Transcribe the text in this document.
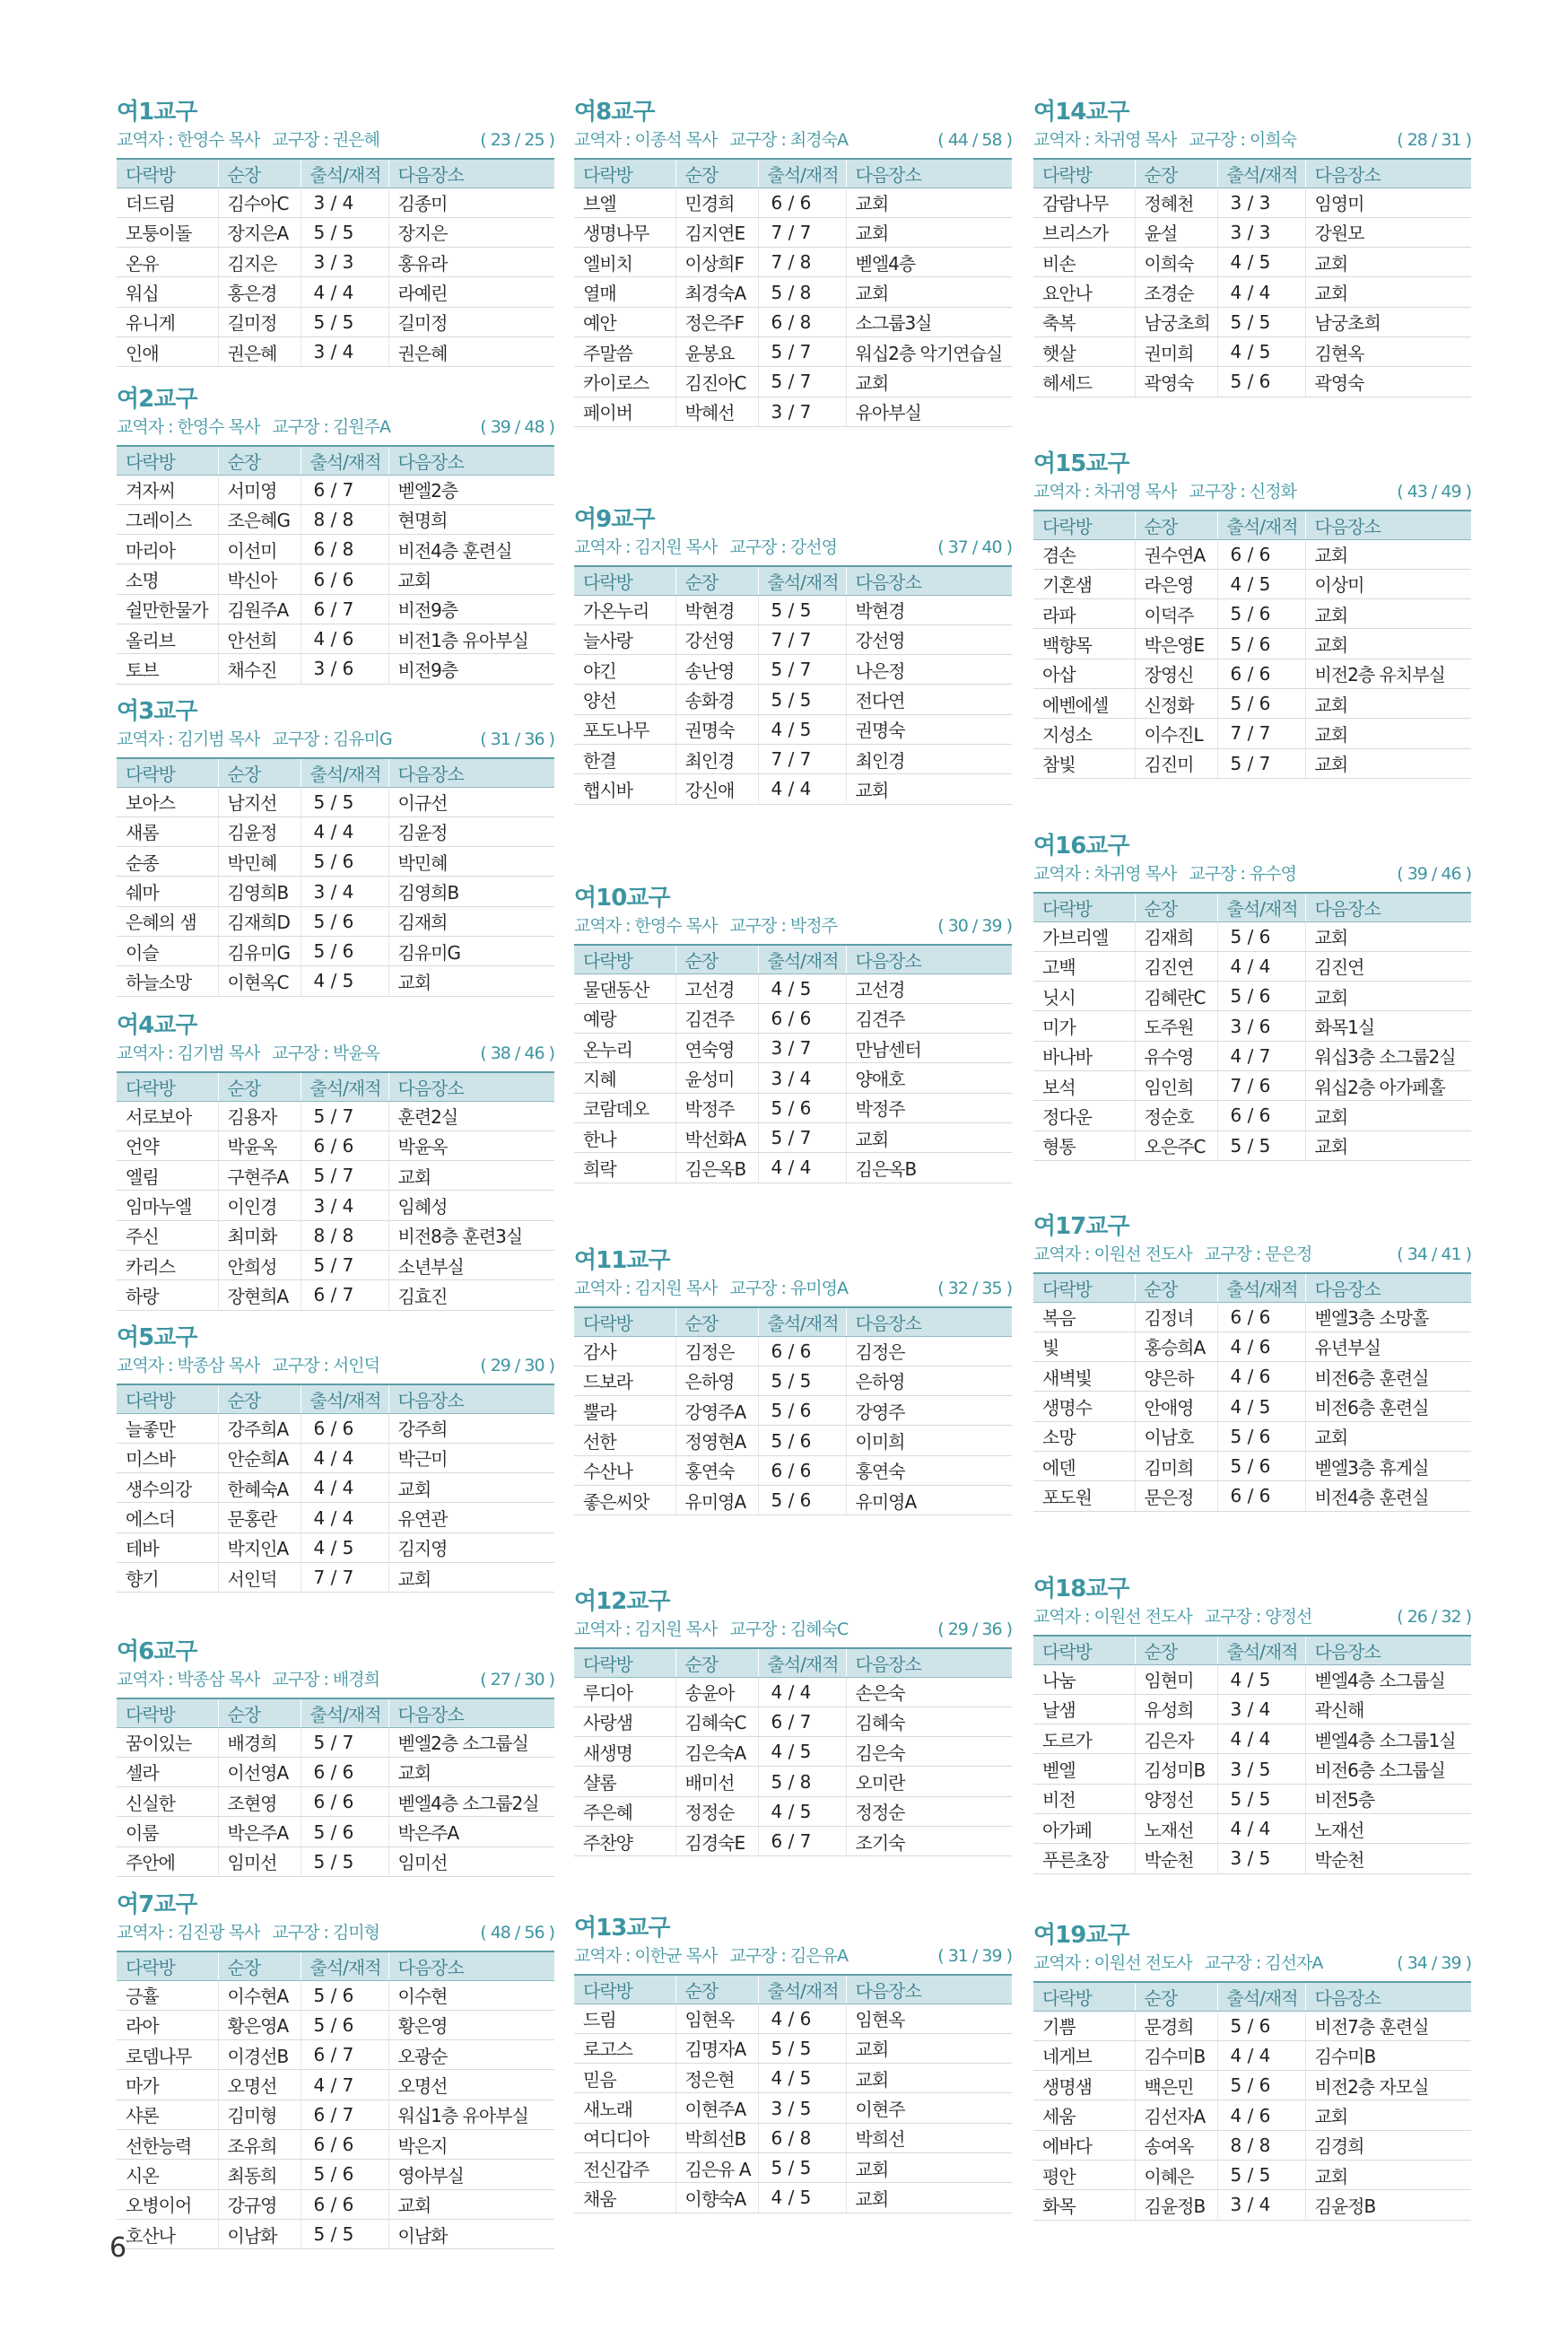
여1교구
교역자 : 한영수 목사 교구장 : 권은혜	( 23 / 25 )
다락방	순장	출석/재적	다음장소
더드림	김수아C	3 / 4	김종미
모퉁이돌	장지은A	5 / 5	장지은
온유	김지은	3 / 3	홍유라
워십	홍은경	4 / 4	라예린
유니게	길미정	5 / 5	길미정
인애	권은혜	3 / 4	권은혜
여2교구
교역자 : 한영수 목사 교구장 : 김원주A	( 39 / 48 )
다락방	순장	출석/재적	다음장소
겨자씨	서미영	6 / 7	벧엘2층
그레이스	조은혜G	8 / 8	현명희
마리아	이선미	6 / 8	비전4층 훈련실
소명	박신아	6 / 6	교회
쉴만한물가	김원주A	6 / 7	비전9층
올리브	안선희	4 / 6	비전1층 유아부실
토브	채수진	3 / 6	비전9층
여3교구
교역자 : 김기범 목사 교구장 : 김유미G	( 31 / 36 )
다락방	순장	출석/재적	다음장소
보아스	남지선	5 / 5	이규선
새롬	김윤정	4 / 4	김윤정
순종	박민혜	5 / 6	박민혜
쉐마	김영희B	3 / 4	김영희B
은혜의 샘	김재희D	5 / 6	김재희
이슬	김유미G	5 / 6	김유미G
하늘소망	이현옥C	4 / 5	교회
여4교구
교역자 : 김기범 목사 교구장 : 박윤옥	( 38 / 46 )
다락방	순장	출석/재적	다음장소
서로보아	김용자	5 / 7	훈련2실
언약	박윤옥	6 / 6	박윤옥
엘림	구현주A	5 / 7	교회
임마누엘	이인경	3 / 4	임혜성
주신	최미화	8 / 8	비전8층 훈련3실
카리스	안희성	5 / 7	소년부실
하랑	장현희A	6 / 7	김효진
여5교구
교역자 : 박종삼 목사 교구장 : 서인덕	( 29 / 30 )
다락방	순장	출석/재적	다음장소
늘좋만	강주희A	6 / 6	강주희
미스바	안순희A	4 / 4	박근미
생수의강	한혜숙A	4 / 4	교회
에스더	문홍란	4 / 4	유연관
테바	박지인A	4 / 5	김지영
향기	서인덕	7 / 7	교회
여6교구
교역자 : 박종삼 목사 교구장 : 배경희	( 27 / 30 )
다락방	순장	출석/재적	다음장소
꿈이있는	배경희	5 / 7	벧엘2층 소그룹실
셀라	이선영A	6 / 6	교회
신실한	조현영	6 / 6	벧엘4층 소그룹2실
이룸	박은주A	5 / 6	박은주A
주안에	임미선	5 / 5	임미선
여7교구
교역자 : 김진광 목사 교구장 : 김미형	( 48 / 56 )
다락방	순장	출석/재적	다음장소
긍휼	이수현A	5 / 6	이수현
라아	황은영A	5 / 6	황은영
로뎀나무	이경선B	6 / 7	오광순
마가	오명선	4 / 7	오명선
샤론	김미형	6 / 7	워십1층 유아부실
선한능력	조유희	6 / 6	박은지
시온	최동희	5 / 6	영아부실
오병이어	강규영	6 / 6	교회
호산나	이남화	5 / 5	이남화
여8교구
교역자 : 이종석 목사 교구장 : 최경숙A	( 44 / 58 )
다락방	순장	출석/재적	다음장소
브엘	민경희	6 / 6	교회
생명나무	김지연E	7 / 7	교회
엘비치	이상희F	7 / 8	벧엘4층
열매	최경숙A	5 / 8	교회
예안	정은주F	6 / 8	소그룹3실
주말씀	윤봉요	5 / 7	워십2층 악기연습실
카이로스	김진아C	5 / 7	교회
페이버	박혜선	3 / 7	유아부실
여9교구
교역자 : 김지원 목사 교구장 : 강선영	( 37 / 40 )
다락방	순장	출석/재적	다음장소
가온누리	박현경	5 / 5	박현경
늘사랑	강선영	7 / 7	강선영
야긴	송난영	5 / 7	나은정
양선	송화경	5 / 5	전다연
포도나무	권명숙	4 / 5	권명숙
한결	최인경	7 / 7	최인경
햅시바	강신애	4 / 4	교회
여10교구
교역자 : 한영수 목사 교구장 : 박정주	( 30 / 39 )
다락방	순장	출석/재적	다음장소
물댄동산	고선경	4 / 5	고선경
예랑	김견주	6 / 6	김견주
온누리	연숙영	3 / 7	만남센터
지혜	윤성미	3 / 4	양애호
코람데오	박정주	5 / 6	박정주
한나	박선화A	5 / 7	교회
희락	김은옥B	4 / 4	김은옥B
여11교구
교역자 : 김지원 목사 교구장 : 유미영A	( 32 / 35 )
다락방	순장	출석/재적	다음장소
감사	김정은	6 / 6	김정은
드보라	은하영	5 / 5	은하영
뿔라	강영주A	5 / 6	강영주
선한	정영현A	5 / 6	이미희
수산나	홍연숙	6 / 6	홍연숙
좋은씨앗	유미영A	5 / 6	유미영A
여12교구
교역자 : 김지원 목사 교구장 : 김혜숙C	( 29 / 36 )
다락방	순장	출석/재적	다음장소
루디아	송윤아	4 / 4	손은숙
사랑샘	김혜숙C	6 / 7	김혜숙
새생명	김은숙A	4 / 5	김은숙
샬롬	배미선	5 / 8	오미란
주은혜	정정순	4 / 5	정정순
주찬양	김경숙E	6 / 7	조기숙
여13교구
교역자 : 이한균 목사 교구장 : 김은유A	( 31 / 39 )
다락방	순장	출석/재적	다음장소
드림	임현옥	4 / 6	임현옥
로고스	김명자A	5 / 5	교회
믿음	정은현	4 / 5	교회
새노래	이현주A	3 / 5	이현주
여디디아	박희선B	6 / 8	박희선
전신갑주	김은유 A	5 / 5	교회
채움	이향숙A	4 / 5	교회
여14교구
교역자 : 차귀영 목사 교구장 : 이희숙	( 28 / 31 )
다락방	순장	출석/재적	다음장소
감람나무	정혜천	3 / 3	임영미
브리스가	윤설	3 / 3	강원모
비손	이희숙	4 / 5	교회
요안나	조경순	4 / 4	교회
축복	남궁초희	5 / 5	남궁초희
햇살	권미희	4 / 5	김현옥
헤세드	곽영숙	5 / 6	곽영숙
여15교구
교역자 : 차귀영 목사 교구장 : 신정화	( 43 / 49 )
다락방	순장	출석/재적	다음장소
겸손	권수연A	6 / 6	교회
기혼샘	라은영	4 / 5	이상미
라파	이덕주	5 / 6	교회
백향목	박은영E	5 / 6	교회
아삽	장영신	6 / 6	비전2층 유치부실
에벤에셀	신정화	5 / 6	교회
지성소	이수진L	7 / 7	교회
참빛	김진미	5 / 7	교회
여16교구
교역자 : 차귀영 목사 교구장 : 유수영	( 39 / 46 )
다락방	순장	출석/재적	다음장소
가브리엘	김재희	5 / 6	교회
고백	김진연	4 / 4	김진연
닛시	김혜란C	5 / 6	교회
미가	도주원	3 / 6	화목1실
바나바	유수영	4 / 7	워십3층 소그룹2실
보석	임인희	7 / 6	워십2층 아가페홀
정다운	정순호	6 / 6	교회
형통	오은주C	5 / 5	교회
여17교구
교역자 : 이원선 전도사 교구장 : 문은정	( 34 / 41 )
다락방	순장	출석/재적	다음장소
복음	김정녀	6 / 6	벧엘3층 소망홀
빛	홍승희A	4 / 6	유년부실
새벽빛	양은하	4 / 6	비전6층 훈련실
생명수	안애영	4 / 5	비전6층 훈련실
소망	이남호	5 / 6	교회
에덴	김미희	5 / 6	벧엘3층 휴게실
포도원	문은정	6 / 6	비전4층 훈련실
여18교구
교역자 : 이원선 전도사 교구장 : 양정선	( 26 / 32 )
다락방	순장	출석/재적	다음장소
나눔	임현미	4 / 5	벧엘4층 소그룹실
날샘	유성희	3 / 4	곽신해
도르가	김은자	4 / 4	벧엘4층 소그룹1실
벧엘	김성미B	3 / 5	비전6층 소그룹실
비전	양정선	5 / 5	비전5층
아가페	노재선	4 / 4	노재선
푸른초장	박순천	3 / 5	박순천
여19교구
교역자 : 이원선 전도사 교구장 : 김선자A	( 34 / 39 )
다락방	순장	출석/재적	다음장소
기쁨	문경희	5 / 6	비전7층 훈련실
네게브	김수미B	4 / 4	김수미B
생명샘	백은민	5 / 6	비전2층 자모실
세움	김선자A	4 / 6	교회
에바다	송여옥	8 / 8	김경희
평안	이혜은	5 / 5	교회
화목	김윤정B	3 / 4	김윤정B
6
